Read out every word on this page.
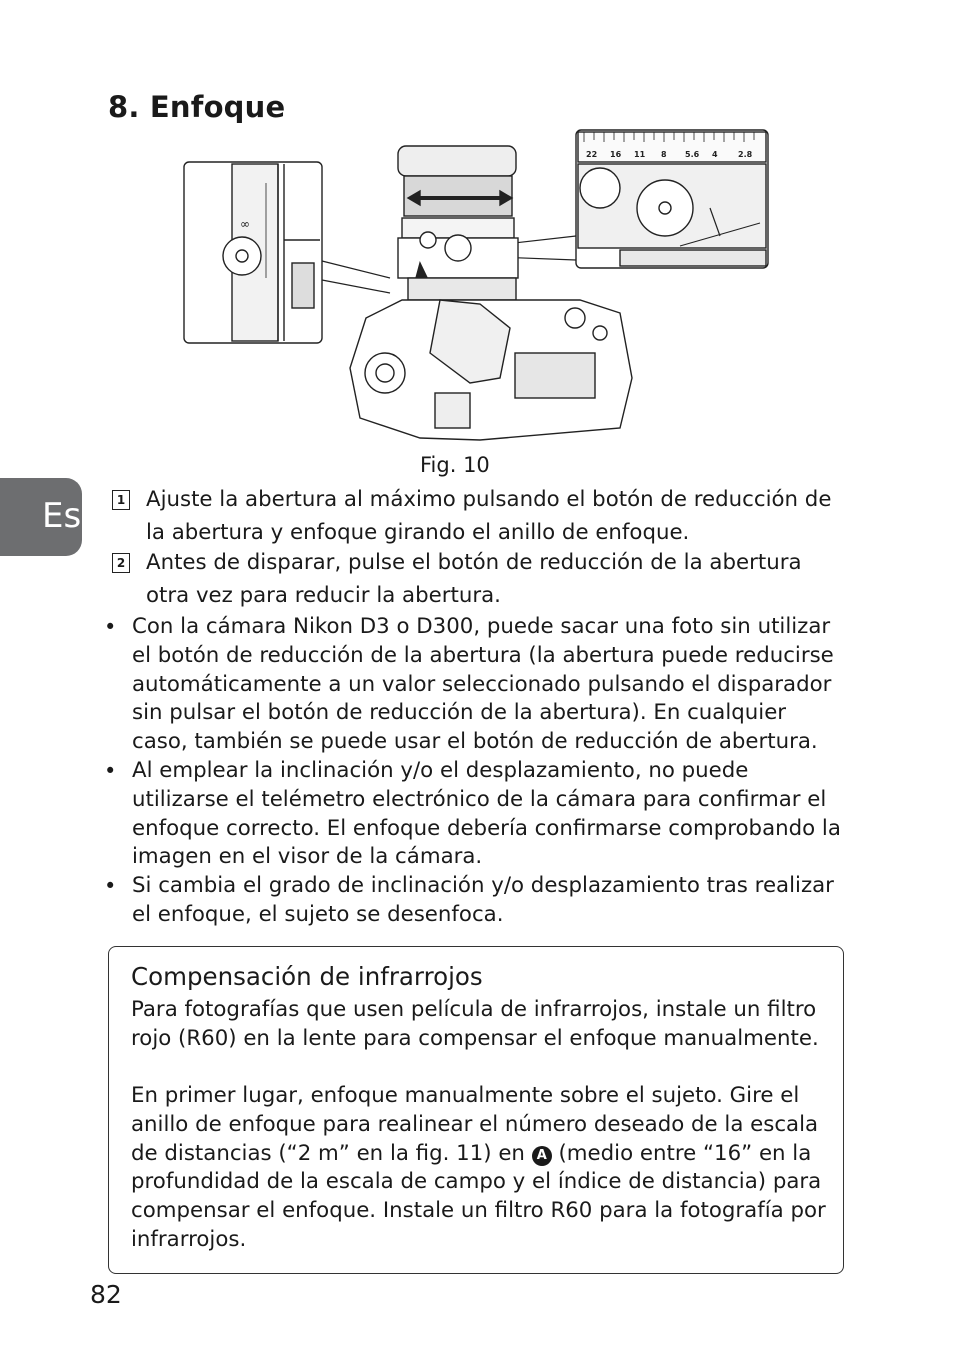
8. Enfoque
∞
22 16 11 8 5.6 4	2.8
Fig. 10
Es	1 Ajuste la abertura al máximo pulsando el botón de reducción de la abertura y enfoque girando el anillo de enfoque.
2 Antes de disparar, pulse el botón de reducción de la abertura otra vez para reducir la abertura.
• Con la cámara Nikon D3 o D300, puede sacar una foto sin utilizar el botón de reducción de la abertura (la abertura puede reducirse automáticamente a un valor seleccionado pulsando el disparador sin pulsar el botón de reducción de la abertura). En cualquier caso, también se puede usar el botón de reducción de abertura.
• Al emplear la inclinación y/o el desplazamiento, no puede utilizarse el telémetro electrónico de la cámara para confirmar el enfoque correcto. El enfoque debería confirmarse comprobando la imagen en el visor de la cámara.
• Si cambia el grado de inclinación y/o desplazamiento tras realizar el enfoque, el sujeto se desenfoca.
Compensación de infrarrojos
Para fotografías que usen película de infrarrojos, instale un filtro rojo (R60) en la lente para compensar el enfoque manualmente.
En primer lugar, enfoque manualmente sobre el sujeto. Gire el anillo de enfoque para realinear el número deseado de la escala de distancias (“2 m” en la fig. 11) en A (medio entre “16” en la profundidad de la escala de campo y el índice de distancia) para compensar el enfoque. Instale un filtro R60 para la fotografía por infrarrojos.
82
